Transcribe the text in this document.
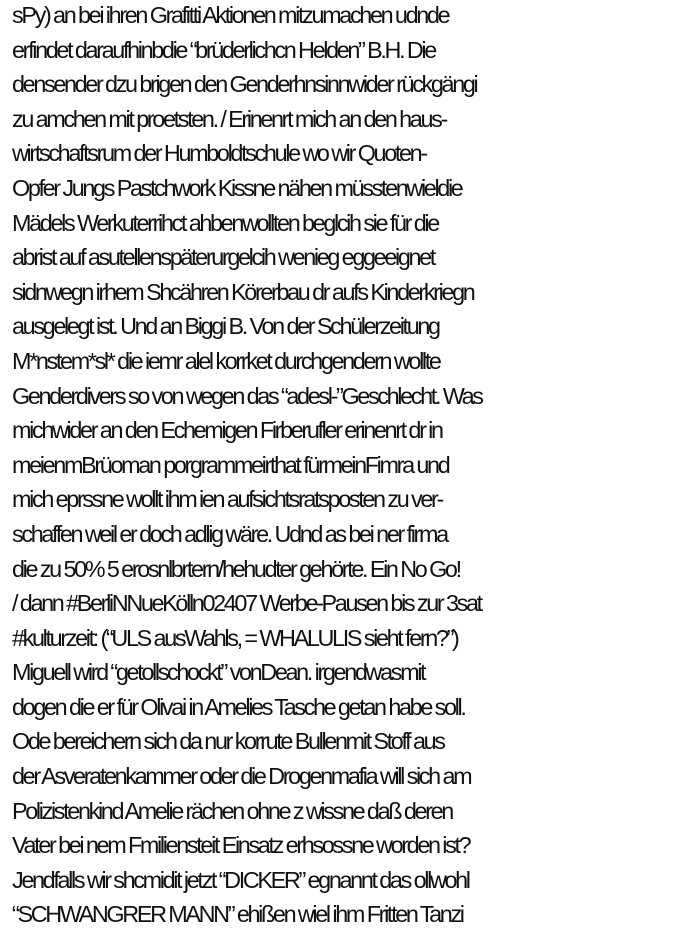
sPy) an bei ihren Grafitti Aktionen mitzumachen udnde
erfindet daraufhinbdie “brüderlichcn Helden” B.H. Die
densender dzu brigen den Genderhnsinnwider rückgängi
zu amchen mit proetsten. / Erinenrt mich an den haus-
wirtschaftsrum der Humboldtschule wo wir Quoten-
Opfer Jungs Pastchwork Kissne nähen müsstenwieldie
Mädels Werkuterrihct ahbenwollten beglcih sie für die
abrist auf asutellenspäterurgelcih wenieg eggeeignet
sidnwegn irhem Shcähren Körerbau dr aufs Kinderkriegn
ausgelegt ist. Und an Biggi B. Von der Schülerzeitung
M*nstem*sl* die iemr alel korrket durchgendern wollte
Genderdivers so von wegen das “adesl-”Geschlecht. Was
michwider an den Echemigen Firberufler erinenrt dr in
meienmBrüoman porgrammeirthat fürmeinFimra und
mich eprssne wollt ihm ien aufsichtsratsposten zu ver-
schaffen weil er doch adlig wäre. Udnd as bei ner firma
die zu 50% 5 erosnlbrtern/hehudter gehörte. Ein No Go!
/ dann #BerliNNueKölln02407 Werbe-Pausen bis zur 3sat
#kulturzeit: (“ULS ausWahls, = WHALULIS sieht fern?”)
Miguell wird “getollschockt” vonDean. irgendwasmit
dogen die er für Olivai in Amelies Tasche getan habe soll.
Ode bereichern sich da nur korrute Bullenmit Stoff aus
der Asveratenkammer oder die Drogenmafia will sich am
Polizistenkind Amelie rächen ohne z wissne daß deren
Vater bei nem Fmiliensteit Einsatz erhsossne worden ist?
Jendfalls wir shcmidit jetzt “DICKER” egnannt das ollwohl
“SCHWANGRER MANN” ehißen wiel ihm Fritten Tanzi
